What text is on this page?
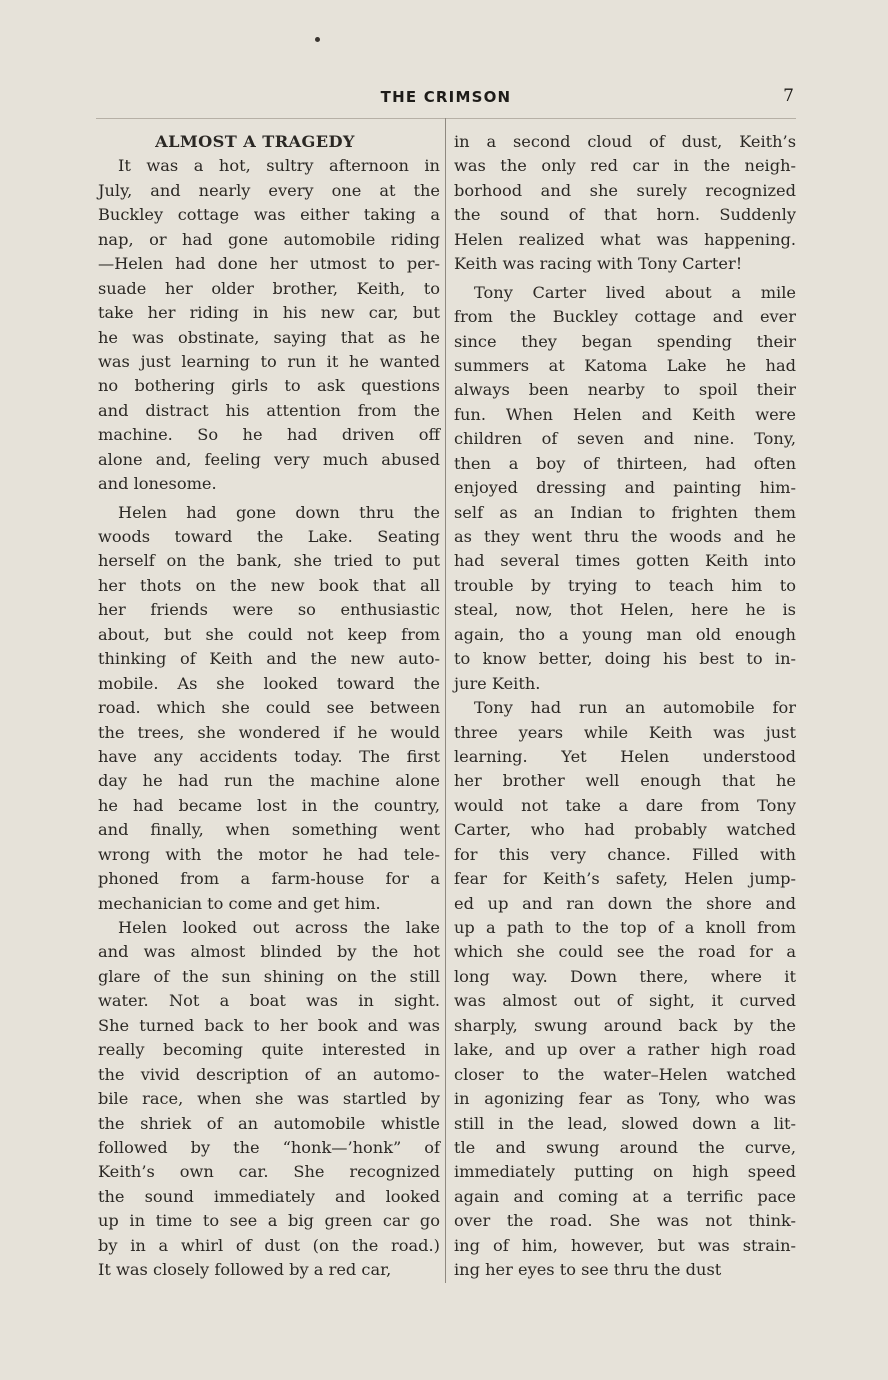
THE CRIMSON	7
ALMOST A TRAGEDY
It was a hot, sultry afternoon in
July, and nearly every one at the
Buckley cottage was either taking a
nap, or had gone automobile riding
—Helen had done her utmost to per-
suade her older brother, Keith, to
take her riding in his new car, but
he was obstinate, saying that as he
was just learning to run it he wanted
no bothering girls to ask questions
and distract his attention from the
machine. So he had driven off
alone and, feeling very much abused
and lonesome.
Helen had gone down thru the
woods toward the Lake. Seating
herself on the bank, she tried to put
her thots on the new book that all
her friends were so enthusiastic
about, but she could not keep from
thinking of Keith and the new auto-
mobile. As she looked toward the
road. which she could see between
the trees, she wondered if he would
have any accidents today. The first
day he had run the machine alone
he had became lost in the country,
and finally, when something went
wrong with the motor he had tele-
phoned from a farm-house for a
mechanician to come and get him.
Helen looked out across the lake
and was almost blinded by the hot
glare of the sun shining on the still
water. Not a boat was in sight.
She turned back to her book and was
really becoming quite interested in
the vivid description of an automo-
bile race, when she was startled by
the shriek of an automobile whistle
followed by the “honk—’honk” of
Keith’s own car. She recognized
the sound immediately and looked
up in time to see a big green car go
by in a whirl of dust (on the road.)
It was closely followed by a red car,
in a second cloud of dust, Keith’s
was the only red car in the neigh-
borhood and she surely recognized
the sound of that horn. Suddenly
Helen realized what was happening.
Keith was racing with Tony Carter!
Tony Carter lived about a mile
from the Buckley cottage and ever
since they began spending their
summers at Katoma Lake he had
always been nearby to spoil their
fun. When Helen and Keith were
children of seven and nine. Tony,
then a boy of thirteen, had often
enjoyed dressing and painting him-
self as an Indian to frighten them
as they went thru the woods and he
had several times gotten Keith into
trouble by trying to teach him to
steal, now, thot Helen, here he is
again, tho a young man old enough
to know better, doing his best to in-
jure Keith.
Tony had run an automobile for
three years while Keith was just
learning. Yet Helen understood
her brother well enough that he
would not take a dare from Tony
Carter, who had probably watched
for this very chance. Filled with
fear for Keith’s safety, Helen jump-
ed up and ran down the shore and
up a path to the top of a knoll from
which she could see the road for a
long way. Down there, where it
was almost out of sight, it curved
sharply, swung around back by the
lake, and up over a rather high road
closer to the water–Helen watched
in agonizing fear as Tony, who was
still in the lead, slowed down a lit-
tle and swung around the curve,
immediately putting on high speed
again and coming at a terrific pace
over the road. She was not think-
ing of him, however, but was strain-
ing her eyes to see thru the dust
